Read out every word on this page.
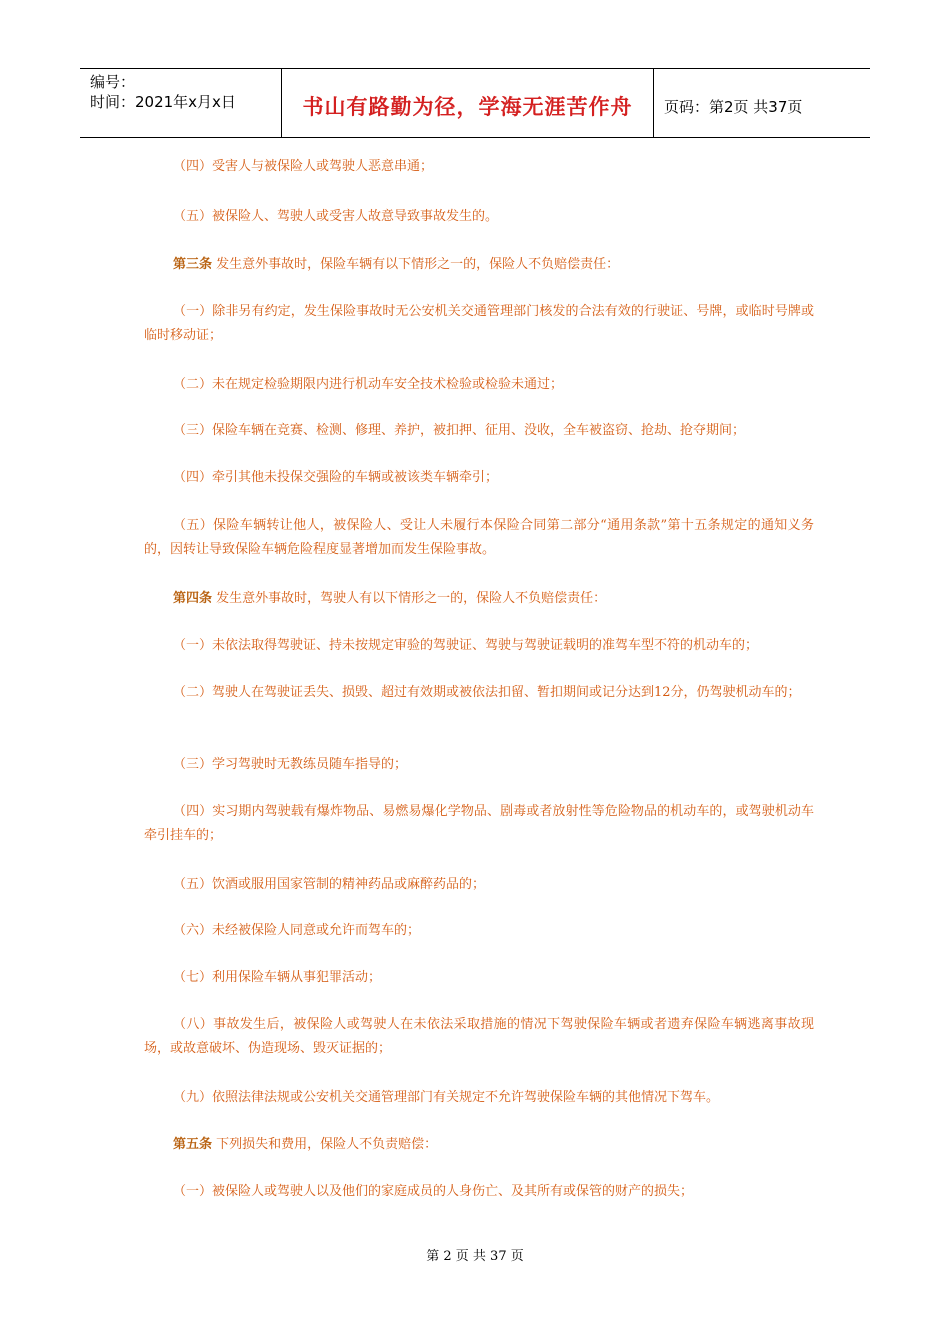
编号：
时间：2021年x月x日	书山有路勤为径，学海无涯苦作舟 页码：第2页 共37页

（四）受害人与被保险人或驾驶人恶意串通；

（五）被保险人、驾驶人或受害人故意导致事故发生的。

第三条 发生意外事故时，保险车辆有以下情形之一的，保险人不负赔偿责任：

（一）除非另有约定，发生保险事故时无公安机关交通管理部门核发的合法有效的行驶证、号牌，或临时号牌或临时移动证；

（二）未在规定检验期限内进行机动车安全技术检验或检验未通过；

（三）保险车辆在竞赛、检测、修理、养护，被扣押、征用、没收，全车被盗窃、抢劫、抢夺期间；

（四）牵引其他未投保交强险的车辆或被该类车辆牵引；

（五）保险车辆转让他人，被保险人、受让人未履行本保险合同第二部分“通用条款”第十五条规定的通知义务的，因转让导致保险车辆危险程度显著增加而发生保险事故。

第四条 发生意外事故时，驾驶人有以下情形之一的，保险人不负赔偿责任：

（一）未依法取得驾驶证、持未按规定审验的驾驶证、驾驶与驾驶证载明的准驾车型不符的机动车的；

（二）驾驶人在驾驶证丢失、损毁、超过有效期或被依法扣留、暂扣期间或记分达到12分，仍驾驶机动车的；

（三）学习驾驶时无教练员随车指导的；

（四）实习期内驾驶载有爆炸物品、易燃易爆化学物品、剧毒或者放射性等危险物品的机动车的，或驾驶机动车牵引挂车的；

（五）饮酒或服用国家管制的精神药品或麻醉药品的；

（六）未经被保险人同意或允许而驾车的；

（七）利用保险车辆从事犯罪活动；

（八）事故发生后，被保险人或驾驶人在未依法采取措施的情况下驾驶保险车辆或者遗弃保险车辆逃离事故现场，或故意破坏、伪造现场、毁灭证据的；

（九）依照法律法规或公安机关交通管理部门有关规定不允许驾驶保险车辆的其他情况下驾车。

第五条 下列损失和费用，保险人不负责赔偿：

（一）被保险人或驾驶人以及他们的家庭成员的人身伤亡、及其所有或保管的财产的损失；

第 2 页 共 37 页
